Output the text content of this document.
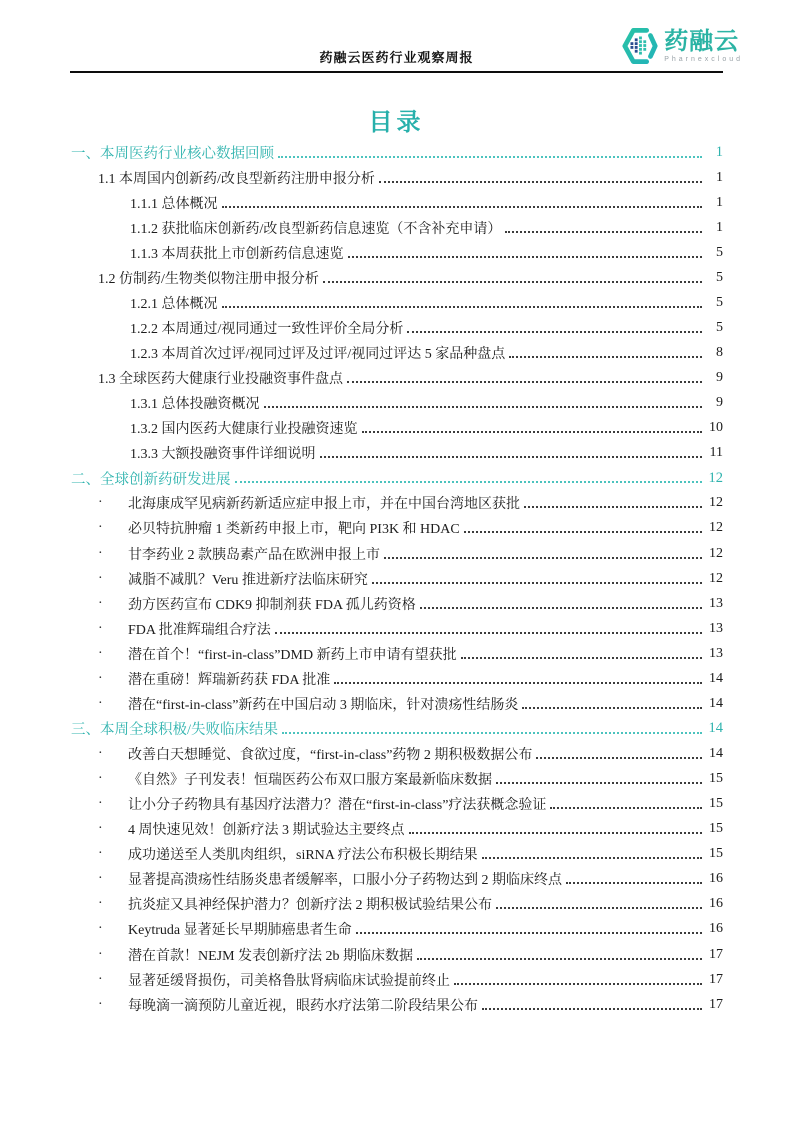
药融云医药行业观察周报
药融云
Pharnexcloud
目录
一、本周医药行业核心数据回顾	1
1.1 本周国内创新药/改良型新药注册申报分析	1
1.1.1 总体概况	1
1.1.2 获批临床创新药/改良型新药信息速览（不含补充申请）	1
1.1.3 本周获批上市创新药信息速览	5
1.2 仿制药/生物类似物注册申报分析	5
1.2.1 总体概况	5
1.2.2 本周通过/视同通过一致性评价全局分析	5
1.2.3 本周首次过评/视同过评及过评/视同过评达 5 家品种盘点	8
1.3 全球医药大健康行业投融资事件盘点	9
1.3.1 总体投融资概况	9
1.3.2 国内医药大健康行业投融资速览	10
1.3.3 大额投融资事件详细说明	11
二、全球创新药研发进展	12
·	北海康成罕见病新药新适应症申报上市，并在中国台湾地区获批	12
·	必贝特抗肿瘤 1 类新药申报上市，靶向 PI3K 和 HDAC	12
·	甘李药业 2 款胰岛素产品在欧洲申报上市	12
·	减脂不减肌？Veru 推进新疗法临床研究	12
·	劲方医药宣布 CDK9 抑制剂获 FDA 孤儿药资格	13
·	FDA 批准辉瑞组合疗法	13
·	潜在首个！“first-in-class”DMD 新药上市申请有望获批	13
·	潜在重磅！辉瑞新药获 FDA 批准	14
·	潜在“first-in-class”新药在中国启动 3 期临床，针对溃疡性结肠炎	14
三、本周全球积极/失败临床结果	14
·	改善白天想睡觉、食欲过度，“first-in-class”药物 2 期积极数据公布	14
·	《自然》子刊发表！恒瑞医药公布双口服方案最新临床数据	15
·	让小分子药物具有基因疗法潜力？潜在“first-in-class”疗法获概念验证	15
·	4 周快速见效！创新疗法 3 期试验达主要终点	15
·	成功递送至人类肌肉组织，siRNA 疗法公布积极长期结果	15
·	显著提高溃疡性结肠炎患者缓解率，口服小分子药物达到 2 期临床终点	16
·	抗炎症又具神经保护潜力？创新疗法 2 期积极试验结果公布	16
·	Keytruda 显著延长早期肺癌患者生命	16
·	潜在首款！NEJM 发表创新疗法 2b 期临床数据	17
·	显著延缓肾损伤，司美格鲁肽肾病临床试验提前终止	17
·	每晚滴一滴预防儿童近视，眼药水疗法第二阶段结果公布	17
